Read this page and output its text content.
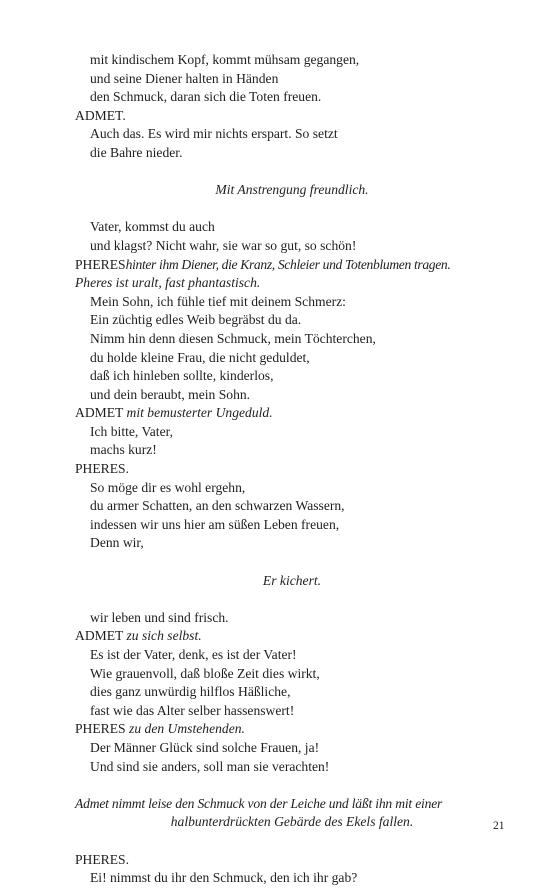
mit kindischem Kopf, kommt mühsam gegangen,
und seine Diener halten in Händen
den Schmuck, daran sich die Toten freuen.
ADMET.
Auch das. Es wird mir nichts erspart. So setzt
die Bahre nieder.
Mit Anstrengung freundlich.
Vater, kommst du auch
und klagst? Nicht wahr, sie war so gut, so schön!
PHEREShinter ihm Diener, die Kranz, Schleier und Totenblumen tragen.
Pheres ist uralt, fast phantastisch.
Mein Sohn, ich fühle tief mit deinem Schmerz:
Ein züchtig edles Weib begräbst du da.
Nimm hin denn diesen Schmuck, mein Töchterchen,
du holde kleine Frau, die nicht geduldet,
daß ich hinleben sollte, kinderlos,
und dein beraubt, mein Sohn.
ADMET mit bemusterter Ungeduld.
Ich bitte, Vater,
machs kurz!
PHERES.
So möge dir es wohl ergehn,
du armer Schatten, an den schwarzen Wassern,
indessen wir uns hier am süßen Leben freuen,
Denn wir,
Er kichert.
wir leben und sind frisch.
ADMET zu sich selbst.
Es ist der Vater, denk, es ist der Vater!
Wie grauenvoll, daß bloße Zeit dies wirkt,
dies ganz unwürdig hilflos Häßliche,
fast wie das Alter selber hassenswert!
PHERES zu den Umstehenden.
Der Männer Glück sind solche Frauen, ja!
Und sind sie anders, soll man sie verachten!
Admet nimmt leise den Schmuck von der Leiche und läßt ihn mit einer
halbunterdrückten Gebärde des Ekels fallen.
PHERES.
Ei! nimmst du ihr den Schmuck, den ich ihr gab?
21
